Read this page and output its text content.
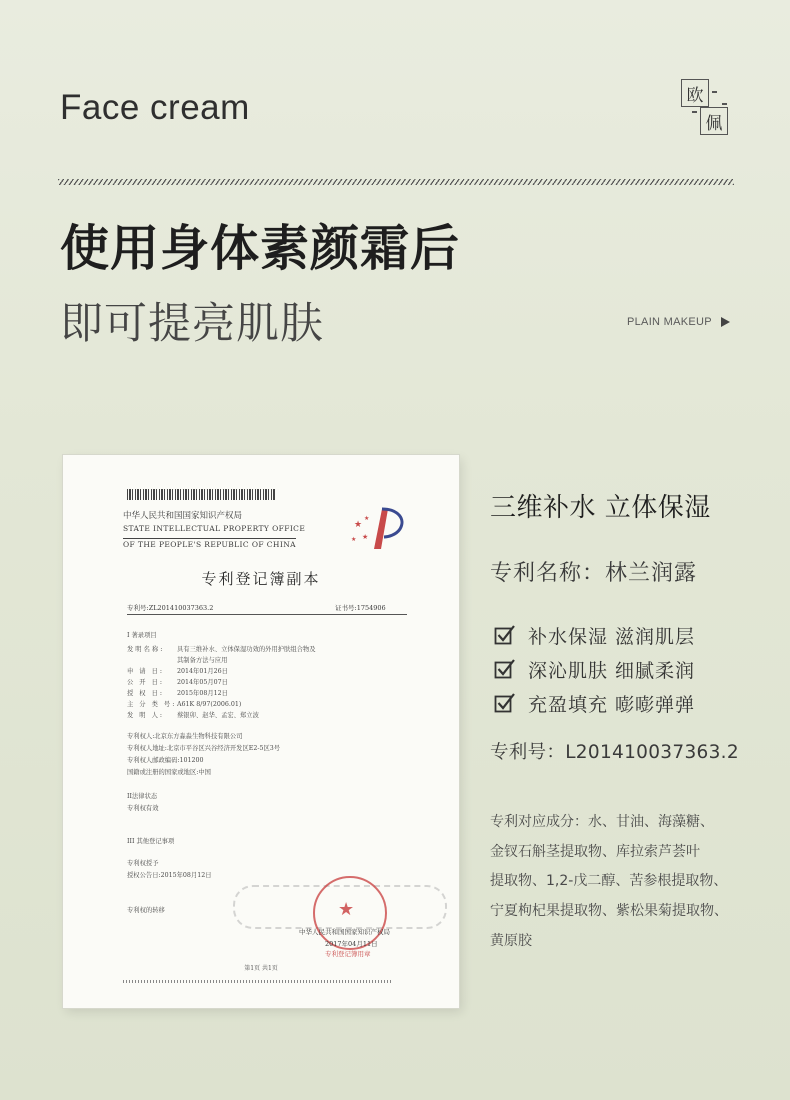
Face cream	欧
佩
使用身体素颜霜后
即可提亮肌肤	PLAIN MAKEUP
中华人民共和国国家知识产权局
STATE INTELLECTUAL PROPERTY OFFICE
OF THE PEOPLE'S REPUBLIC OF CHINA
★
★
★
★
专利登记簿副本
专利号:ZL201410037363.2	证书号:1754906
I 著录项目
发明名称: 具有三维补水、立体保湿功效的外用护肤组合物及
其制备方法与应用
申 请 日: 2014年01月26日
公 开 日: 2014年05月07日
授 权 日: 2015年08月12日
主 分 类 号:A61K 8/97(2006.01)
发 明 人: 蔡银卯、赵华、孟宏、郑立波
专利权人:北京东方淼淼生物科技有限公司
专利权人地址:北京市平谷区兴谷经济开发区E2-5区3号
专利权人邮政编码:101200
国籍或注册的国家或地区:中国
II法律状态
专利权有效
III 其他登记事项
专利权授予
授权公告日:2015年08月12日
专利权的转移	★
中华人民共和国国家知识产权局
2017年04月11日
专利登记簿用章
第1页 共1页
三维补水 立体保湿
专利名称：林兰润露
补水保湿 滋润肌层
深沁肌肤 细腻柔润
充盈填充 嘭嘭弹弹
专利号：L201410037363.2
专利对应成分：水、甘油、海藻糖、
金钗石斛茎提取物、库拉索芦荟叶
提取物、1,2-戊二醇、苦参根提取物、
宁夏枸杞果提取物、紫松果菊提取物、
黄原胶
